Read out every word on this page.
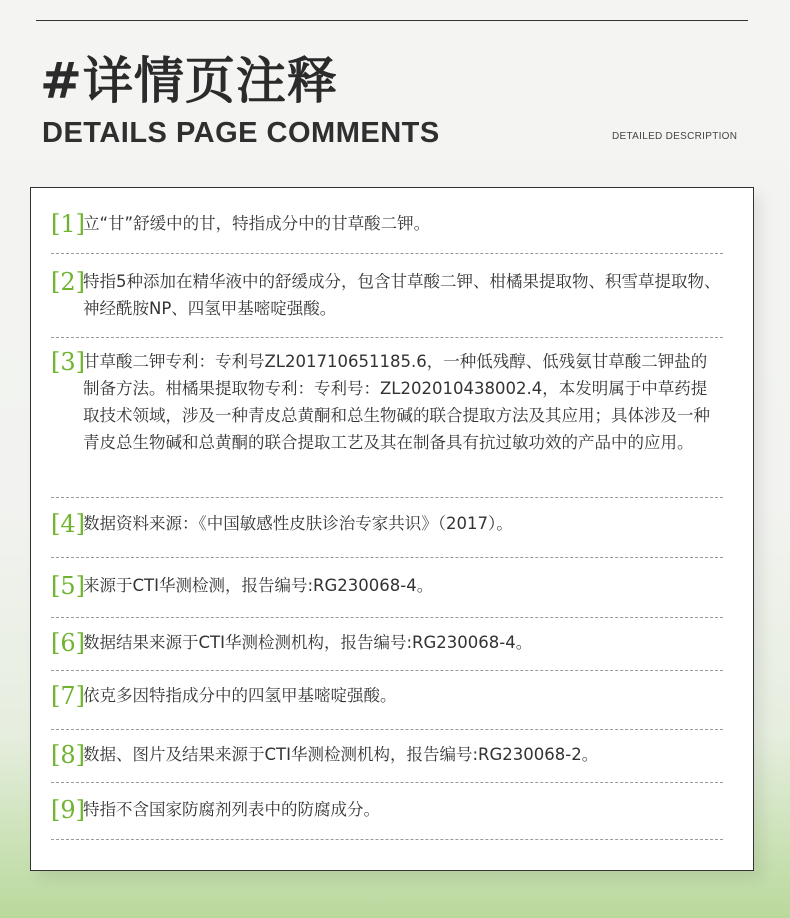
#详情页注释
DETAILS PAGE COMMENTS	DETAILED DESCRIPTION

[1]

立“甘”舒缓中的甘，特指成分中的甘草酸二钾。

[2]

特指5种添加在精华液中的舒缓成分，包含甘草酸二钾、柑橘果提取物、积雪草提取物、神经酰胺NP、四氢甲基嘧啶强酸。

[3]

甘草酸二钾专利：专利号ZL201710651185.6，一种低残醇、低残氨甘草酸二钾盐的制备方法。柑橘果提取物专利：专利号：ZL202010438002.4，本发明属于中草药提取技术领域，涉及一种青皮总黄酮和总生物碱的联合提取方法及其应用；具体涉及一种青皮总生物碱和总黄酮的联合提取工艺及其在制备具有抗过敏功效的产品中的应用。

[4]

数据资料来源：《中国敏感性皮肤诊治专家共识》（2017）。

[5]

来源于CTI华测检测，报告编号:RG230068-4。

[6]

数据结果来源于CTI华测检测机构，报告编号:RG230068-4。

[7]

依克多因特指成分中的四氢甲基嘧啶强酸。

[8]

数据、图片及结果来源于CTI华测检测机构，报告编号:RG230068-2。

[9]

特指不含国家防腐剂列表中的防腐成分。
